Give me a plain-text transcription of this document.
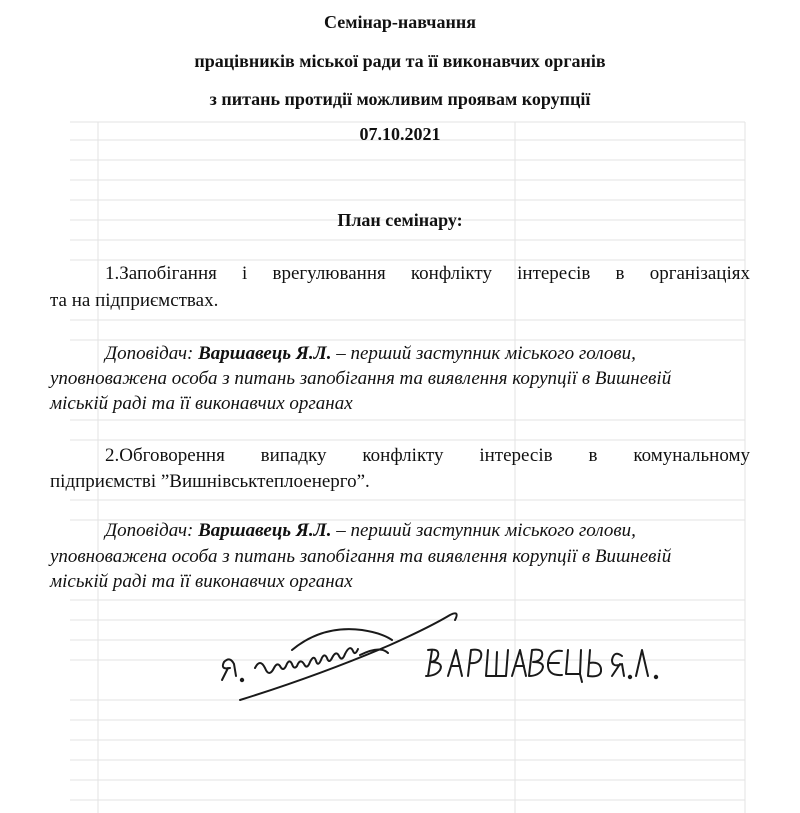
Семінар-навчання
працівників міської ради та її виконавчих органів
з питань протидії можливим проявам корупції
07.10.2021
План семінару:
1.Запобігання і врегулювання конфлікту інтересів в організаціях
та на підприємствах.
Доповідач: Варшавець Я.Л. – перший заступник міського голови,
уповноважена особа з питань запобігання та виявлення корупції в Вишневій
міській раді та її виконавчих органах
2.Обговорення випадку конфлікту інтересів в комунальному
підприємстві ”Вишнівськтеплоенерго”.
Доповідач: Варшавець Я.Л. – перший заступник міського голови,
уповноважена особа з питань запобігання та виявлення корупції в Вишневій
міській раді та її виконавчих органах
